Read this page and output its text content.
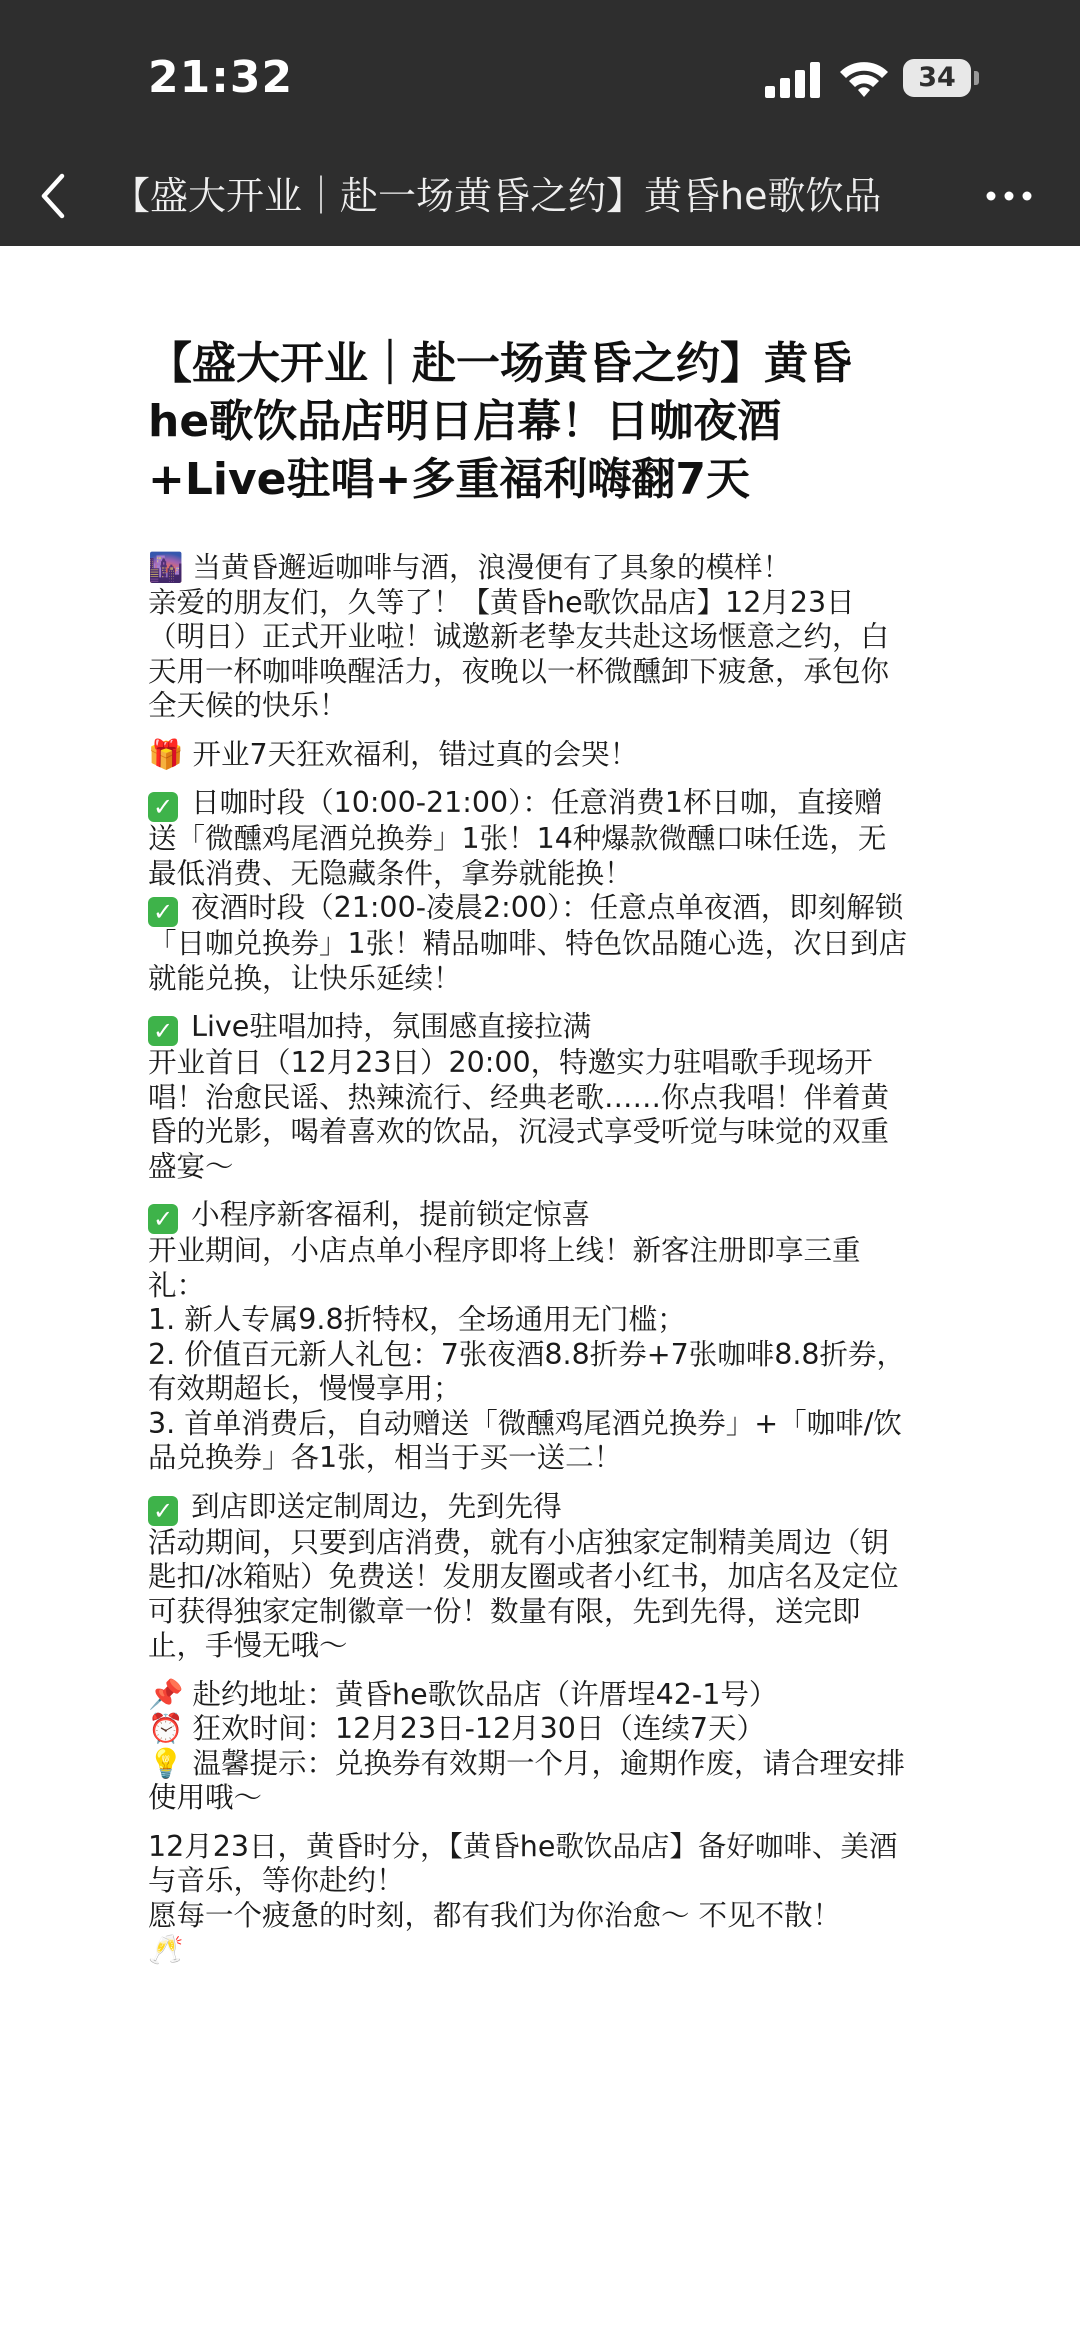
21:32	34
【盛大开业｜赴一场黄昏之约】黄昏he歌饮品
【盛大开业｜赴一场黄昏之约】黄昏he歌饮品店明日启幕！日咖夜酒+Live驻唱+多重福利嗨翻7天

🌆 当黄昏邂逅咖啡与酒，浪漫便有了具象的模样！
亲爱的朋友们，久等了！【黄昏he歌饮品店】12月23日（明日）正式开业啦！诚邀新老挚友共赴这场惬意之约，白天用一杯咖啡唤醒活力，夜晚以一杯微醺卸下疲惫，承包你全天候的快乐！

🎁 开业7天狂欢福利，错过真的会哭！

✓ 日咖时段（10:00-21:00）：任意消费1杯日咖，直接赠送「微醺鸡尾酒兑换券」1张！14种爆款微醺口味任选，无最低消费、无隐藏条件，拿券就能换！
✓ 夜酒时段（21:00-凌晨2:00）：任意点单夜酒，即刻解锁「日咖兑换券」1张！精品咖啡、特色饮品随心选，次日到店就能兑换，让快乐延续！

✓ Live驻唱加持，氛围感直接拉满
开业首日（12月23日）20:00，特邀实力驻唱歌手现场开唱！治愈民谣、热辣流行、经典老歌……你点我唱！伴着黄昏的光影，喝着喜欢的饮品，沉浸式享受听觉与味觉的双重盛宴～

✓ 小程序新客福利，提前锁定惊喜
开业期间，小店点单小程序即将上线！新客注册即享三重礼：
1. 新人专属9.8折特权，全场通用无门槛；
2. 价值百元新人礼包：7张夜酒8.8折券+7张咖啡8.8折券，有效期超长，慢慢享用；
3. 首单消费后，自动赠送「微醺鸡尾酒兑换券」+「咖啡/饮品兑换券」各1张，相当于买一送二！

✓ 到店即送定制周边，先到先得
活动期间，只要到店消费，就有小店独家定制精美周边（钥匙扣/冰箱贴）免费送！发朋友圈或者小红书，加店名及定位可获得独家定制徽章一份！数量有限，先到先得，送完即止，手慢无哦～

📌 赴约地址：黄昏he歌饮品店（许厝埕42-1号）
⏰ 狂欢时间：12月23日-12月30日（连续7天）
💡 温馨提示：兑换券有效期一个月，逾期作废，请合理安排使用哦～

12月23日，黄昏时分，【黄昏he歌饮品店】备好咖啡、美酒与音乐，等你赴约！
愿每一个疲惫的时刻，都有我们为你治愈～ 不见不散！
🥂
